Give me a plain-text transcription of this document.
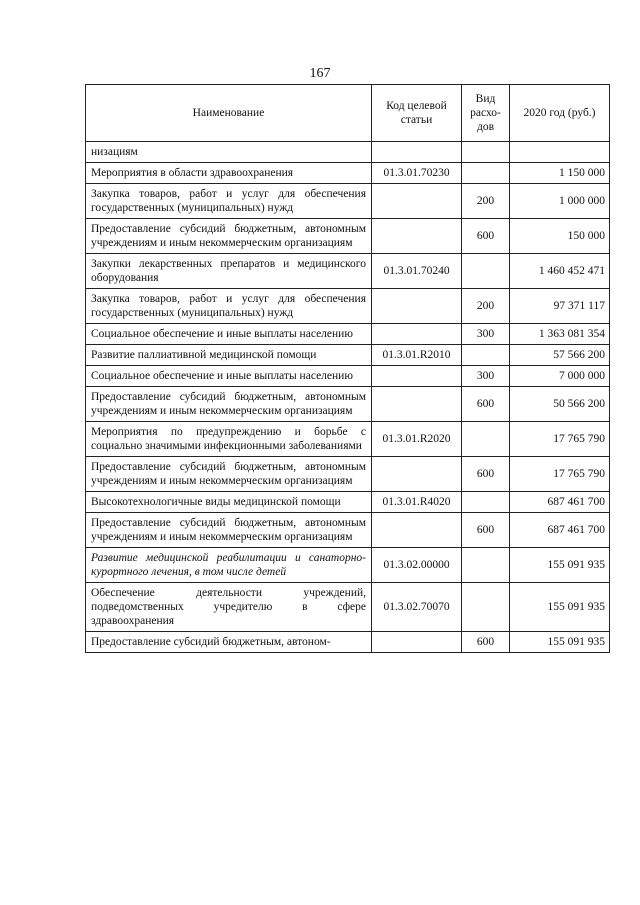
167
Наименование	Код целевой статьи	Вид расхо-дов	2020 год (руб.)
низациям			
Мероприятия в области здравоохранения	01.3.01.70230		1 150 000
Закупка товаров, работ и услуг для обеспечения государственных (муниципальных) нужд		200	1 000 000
Предоставление субсидий бюджетным, автономным учреждениям и иным некоммерческим организациям		600	150 000
Закупки лекарственных препаратов и медицинского оборудования	01.3.01.70240		1 460 452 471
Закупка товаров, работ и услуг для обеспечения государственных (муниципальных) нужд		200	97 371 117
Социальное обеспечение и иные выплаты населению		300	1 363 081 354
Развитие паллиативной медицинской помощи	01.3.01.R2010		57 566 200
Социальное обеспечение и иные выплаты населению		300	7 000 000
Предоставление субсидий бюджетным, автономным учреждениям и иным некоммерческим организациям		600	50 566 200
Мероприятия по предупреждению и борьбе с социально значимыми инфекционными заболеваниями	01.3.01.R2020		17 765 790
Предоставление субсидий бюджетным, автономным учреждениям и иным некоммерческим организациям		600	17 765 790
Высокотехнологичные виды медицинской помощи	01.3.01.R4020		687 461 700
Предоставление субсидий бюджетным, автономным учреждениям и иным некоммерческим организациям		600	687 461 700
Развитие медицинской реабилитации и санаторно-курортного лечения, в том числе детей	01.3.02.00000		155 091 935
Обеспечение деятельности учреждений, подведомственных учредителю в сфере здравоохранения	01.3.02.70070		155 091 935
Предоставление субсидий бюджетным, автоном-		600	155 091 935
